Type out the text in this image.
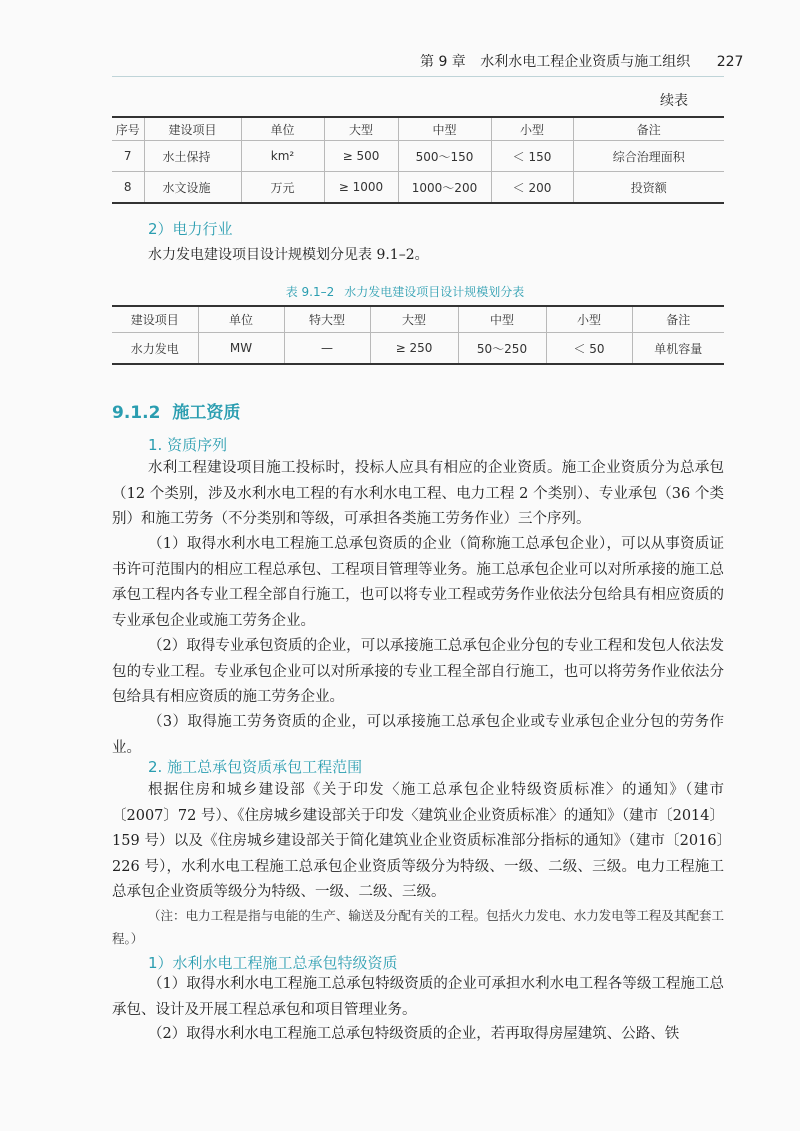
第 9 章 水利水电工程企业资质与施工组织 227
续表
序号	建设项目	单位	大型	中型	小型	备注
7	水土保持	km²	≥ 500	500～150	＜ 150	综合治理面积
8	水文设施	万元	≥ 1000	1000～200	＜ 200	投资额
2）电力行业
水力发电建设项目设计规模划分见表 9.1–2。
表 9.1–2 水力发电建设项目设计规模划分表
建设项目	单位	特大型	大型	中型	小型	备注
水力发电	MW	—	≥ 250	50～250	＜ 50	单机容量
9.1.2 施工资质
1. 资质序列

水利工程建设项目施工投标时，投标人应具有相应的企业资质。施工企业资质分为总承包（12 个类别，涉及水利水电工程的有水利水电工程、电力工程 2 个类别）、专业承包（36 个类别）和施工劳务（不分类别和等级，可承担各类施工劳务作业）三个序列。

（1）取得水利水电工程施工总承包资质的企业（简称施工总承包企业），可以从事资质证书许可范围内的相应工程总承包、工程项目管理等业务。施工总承包企业可以对所承接的施工总承包工程内各专业工程全部自行施工，也可以将专业工程或劳务作业依法分包给具有相应资质的专业承包企业或施工劳务企业。

（2）取得专业承包资质的企业，可以承接施工总承包企业分包的专业工程和发包人依法发包的专业工程。专业承包企业可以对所承接的专业工程全部自行施工，也可以将劳务作业依法分包给具有相应资质的施工劳务企业。

（3）取得施工劳务资质的企业，可以承接施工总承包企业或专业承包企业分包的劳务作业。

2. 施工总承包资质承包工程范围

根据住房和城乡建设部《关于印发〈施工总承包企业特级资质标准〉的通知》（建市〔2007〕72 号）、《住房城乡建设部关于印发〈建筑业企业资质标准〉的通知》（建市〔2014〕159 号）以及《住房城乡建设部关于简化建筑业企业资质标准部分指标的通知》（建市〔2016〕226 号），水利水电工程施工总承包企业资质等级分为特级、一级、二级、三级。电力工程施工总承包企业资质等级分为特级、一级、二级、三级。

（注：电力工程是指与电能的生产、输送及分配有关的工程。包括火力发电、水力发电等工程及其配套工程。）

1）水利水电工程施工总承包特级资质

（1）取得水利水电工程施工总承包特级资质的企业可承担水利水电工程各等级工程施工总承包、设计及开展工程总承包和项目管理业务。

（2）取得水利水电工程施工总承包特级资质的企业，若再取得房屋建筑、公路、铁
